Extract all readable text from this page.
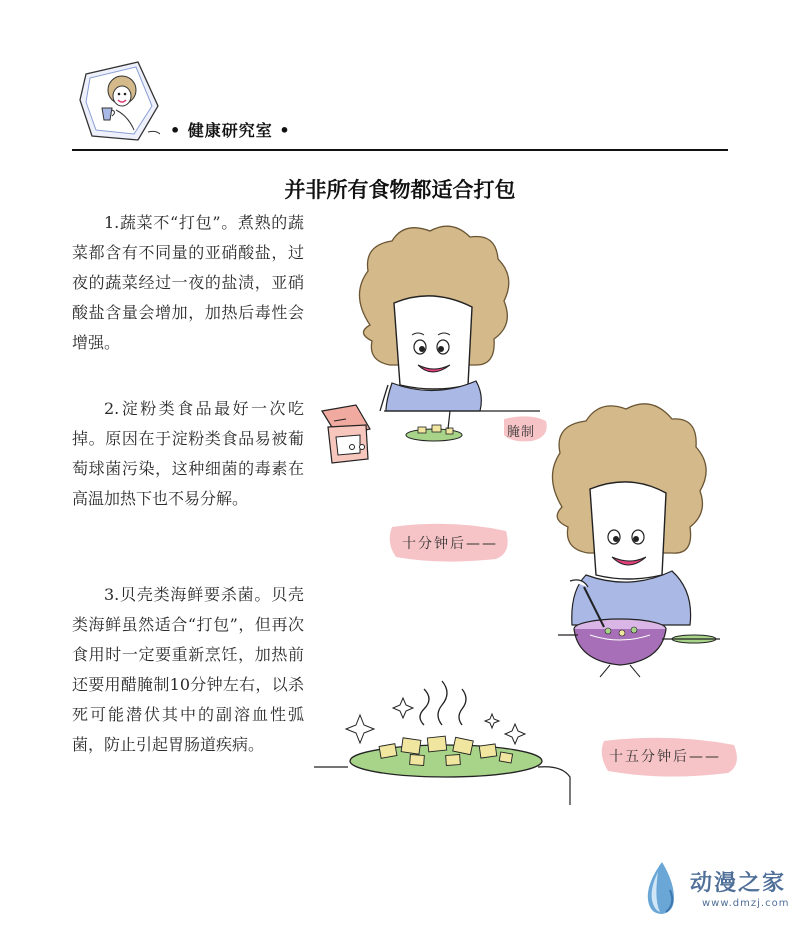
• 健康研究室 •
并非所有食物都适合打包
1.蔬菜不“打包”。煮熟的蔬菜都含有不同量的亚硝酸盐，过夜的蔬菜经过一夜的盐渍，亚硝酸盐含量会增加，加热后毒性会增强。
2.淀粉类食品最好一次吃掉。原因在于淀粉类食品易被葡萄球菌污染，这种细菌的毒素在高温加热下也不易分解。
3.贝壳类海鲜要杀菌。贝壳类海鲜虽然适合“打包”，但再次食用时一定要重新烹饪，加热前还要用醋腌制10分钟左右，以杀死可能潜伏其中的副溶血性弧菌，防止引起胃肠道疾病。
腌制
十分钟后——
十五分钟后——
动漫之家
www.dmzj.com
